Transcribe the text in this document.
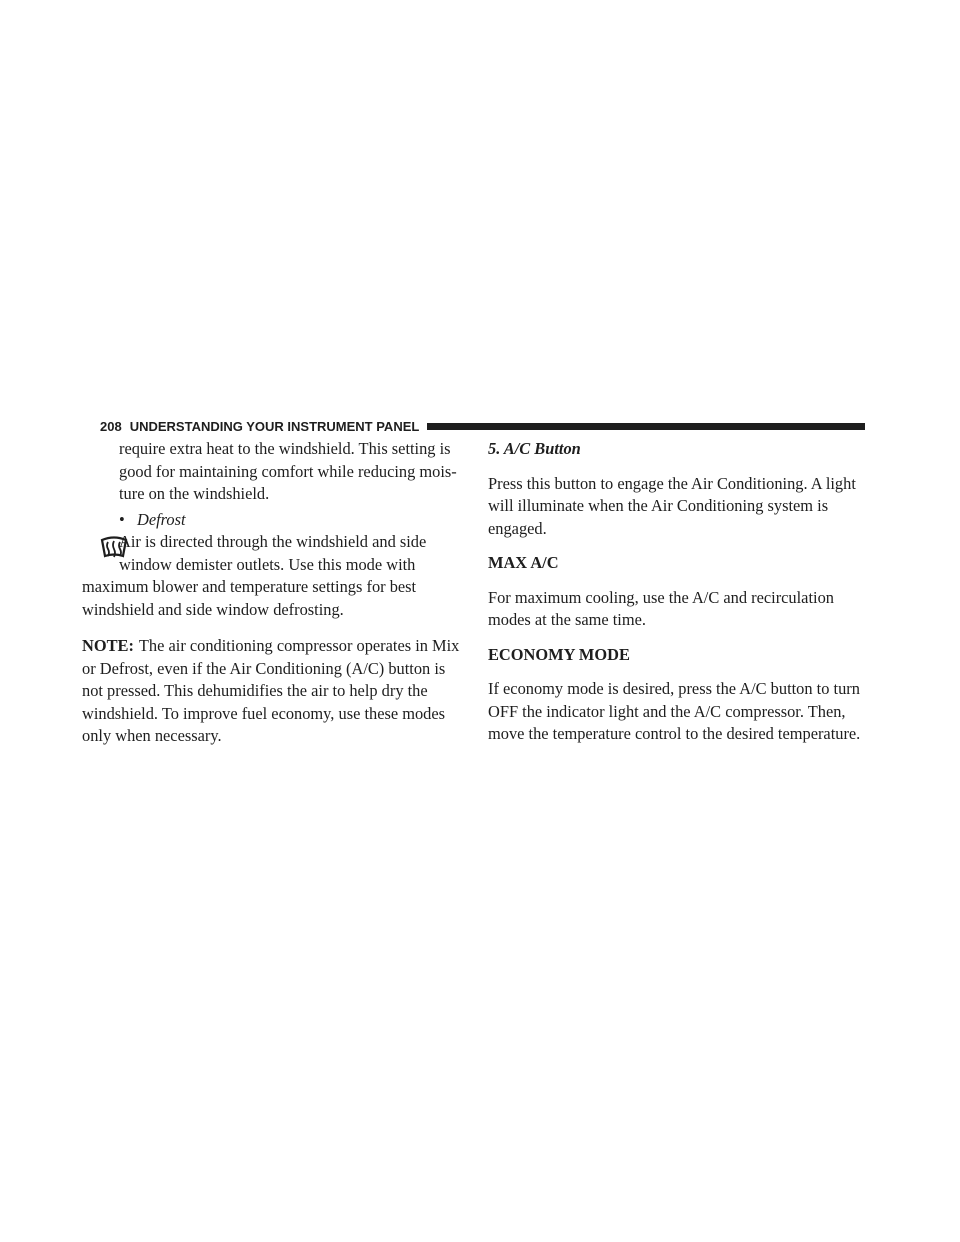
208 UNDERSTANDING YOUR INSTRUMENT PANEL

require extra heat to the windshield. This setting is

good for maintaining comfort while reducing mois-

ture on the windshield.

• Defrost

Air is directed through the windshield and side

window demister outlets. Use this mode with

maximum blower and temperature settings for best

windshield and side window defrosting.

NOTE: The air conditioning compressor operates in Mix

or Defrost, even if the Air Conditioning (A/C) button is

not pressed. This dehumidifies the air to help dry the

windshield. To improve fuel economy, use these modes

only when necessary.

5. A/C Button

Press this button to engage the Air Conditioning. A light

will illuminate when the Air Conditioning system is

engaged.

MAX A/C

For maximum cooling, use the A/C and recirculation

modes at the same time.

ECONOMY MODE

If economy mode is desired, press the A/C button to turn

OFF the indicator light and the A/C compressor. Then,

move the temperature control to the desired temperature.
